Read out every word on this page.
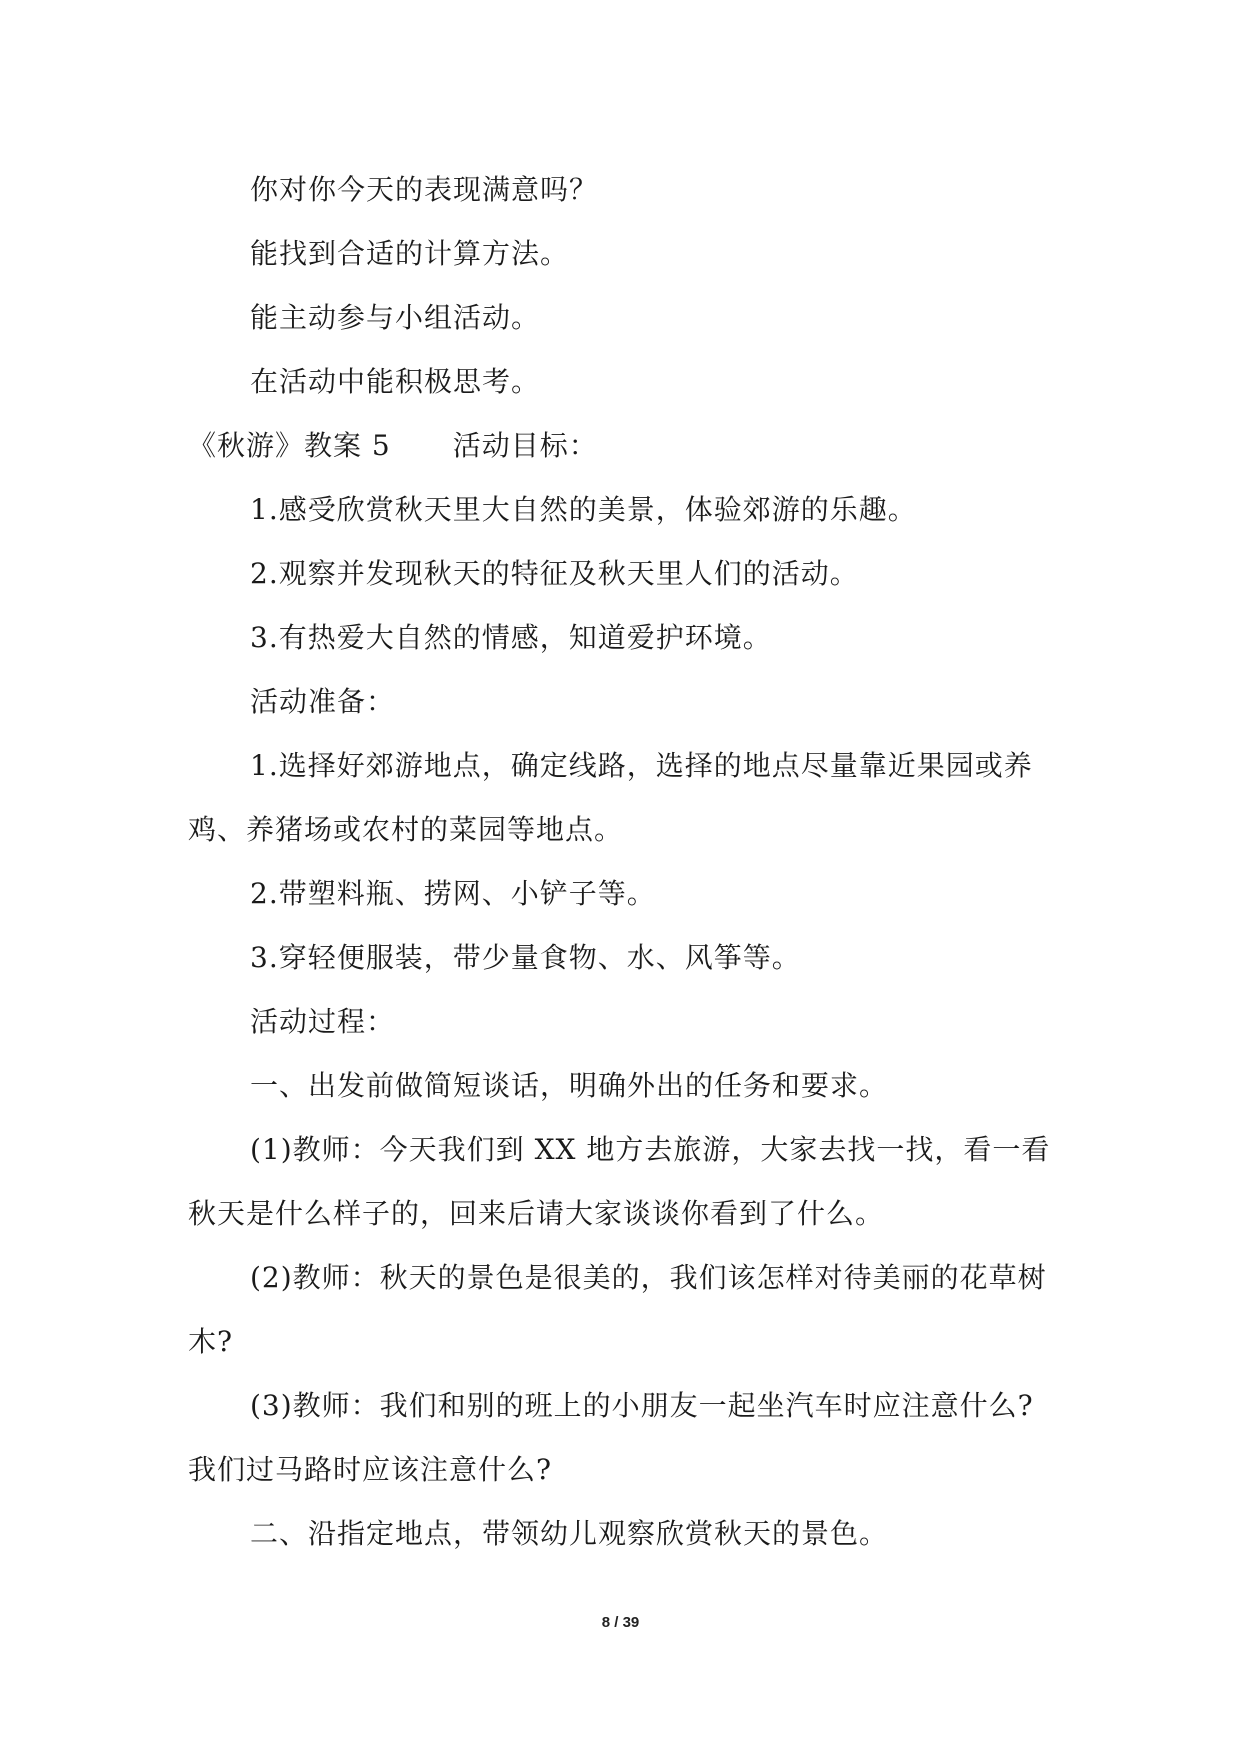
你对你今天的表现满意吗？

能找到合适的计算方法。

能主动参与小组活动。

在活动中能积极思考。

《秋游》教案 5 活动目标：

1.感受欣赏秋天里大自然的美景，体验郊游的乐趣。

2.观察并发现秋天的特征及秋天里人们的活动。

3.有热爱大自然的情感，知道爱护环境。

活动准备：

1.选择好郊游地点，确定线路，选择的地点尽量靠近果园或养鸡、养猪场或农村的菜园等地点。

2.带塑料瓶、捞网、小铲子等。

3.穿轻便服装，带少量食物、水、风筝等。

活动过程：

一、出发前做简短谈话，明确外出的任务和要求。

(1)教师：今天我们到 XX 地方去旅游，大家去找一找，看一看秋天是什么样子的，回来后请大家谈谈你看到了什么。

(2)教师：秋天的景色是很美的，我们该怎样对待美丽的花草树木?

(3)教师：我们和别的班上的小朋友一起坐汽车时应注意什么?我们过马路时应该注意什么?

二、沿指定地点，带领幼儿观察欣赏秋天的景色。

8 / 39
